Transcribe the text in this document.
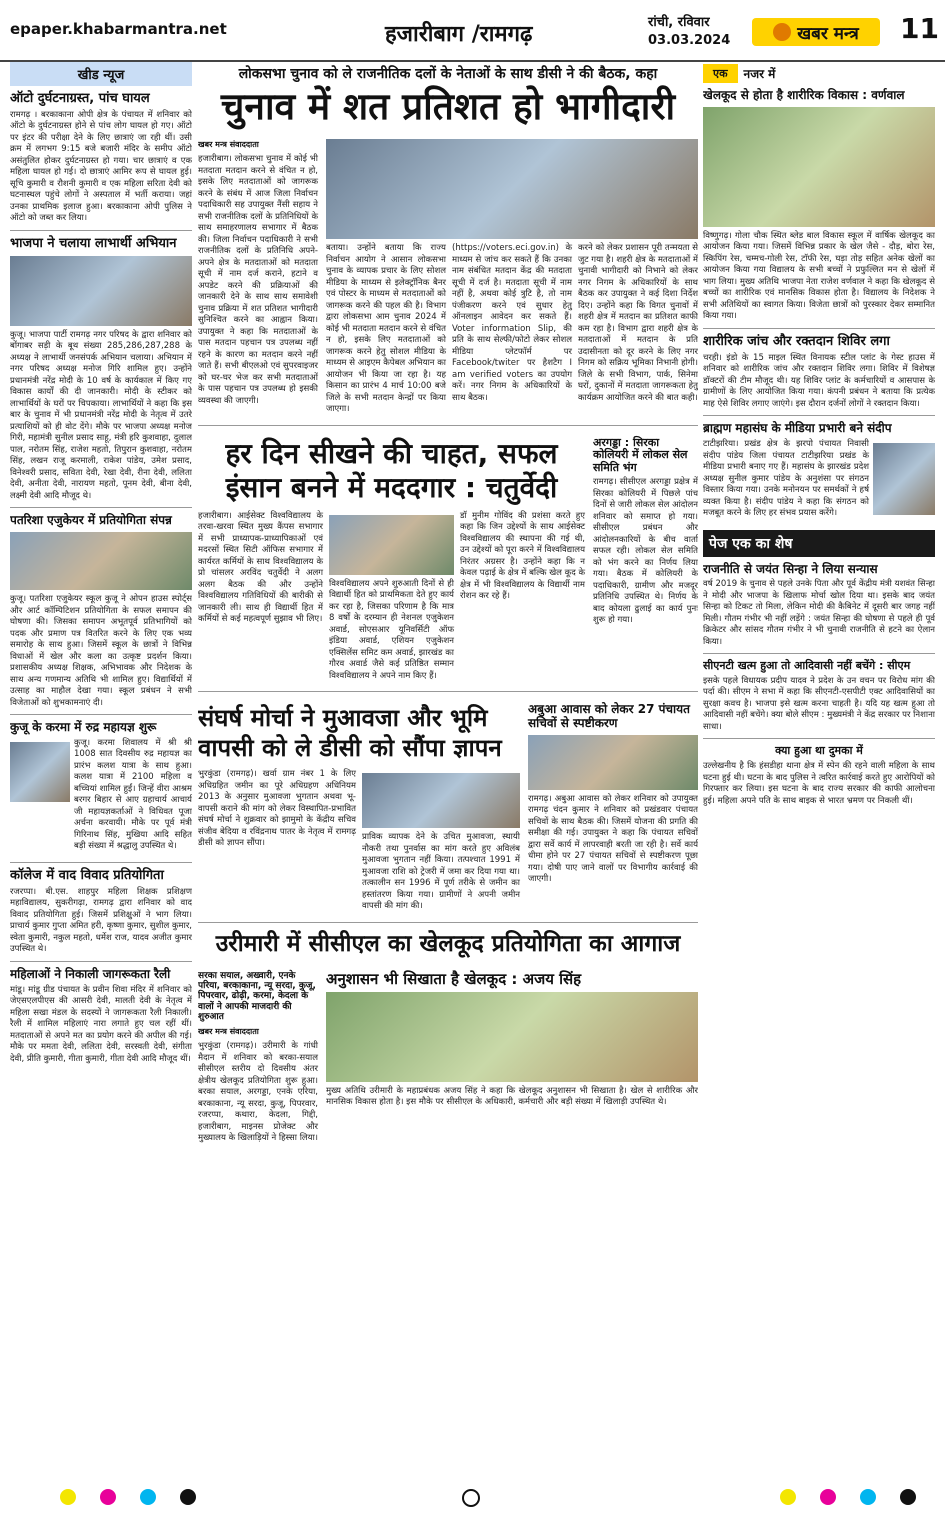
epaper.khabarmantra.net	हजारीबाग /रामगढ़	रांची, रविवार
03.03.2024	खबर मन्त्र 11
खीड न्यूज
ऑटो दुर्घटनाग्रस्त, पांच घायल

रामगढ़ । बरकाकाना ओपी क्षेत्र के पंचायत में शनिवार को ऑटो के दुर्घटनाग्रस्त होने से पांच लोग घायल हो गए। ऑटो पर इंटर की परीक्षा देने के लिए छात्राएं जा रही थीं। उसी क्रम में लगभग 9:15 बजे बजारी मंदिर के समीप ऑटो असंतुलित होकर दुर्घटनाग्रस्त हो गया। चार छात्राएं व एक महिला घायल हो गई। दो छात्राएं आमिर रूप से घायल हुई। सूचि कुमारी व रौशनी कुमारी व एक महिला सरिता देवी को घटनास्थल पहुंचे लोगों ने अस्पताल में भर्ती कराया। जहां उनका प्राथमिक इलाज हुआ। बरकाकाना ओपी पुलिस ने ऑटो को जब्त कर लिया।

भाजपा ने चलाया लाभार्थी अभियान

कुजू। भाजपा पार्टी रामगढ़ नगर परिषद के द्वारा शनिवार को बोंगाबर सड़ी के बूथ संख्या 285,286,287,288 के अध्यक्ष ने लाभार्थी जनसंपर्क अभियान चलाया। अभियान में नगर परिषद अध्यक्ष मनोज गिरि शामिल हुए। उन्होंने प्रधानमंत्री नरेंद्र मोदी के 10 वर्ष के कार्यकाल में किए गए विकास कार्यों की दी जानकारी। मोदी के स्टीकर को लाभार्थियों के घरों पर चिपकाया। लाभार्थियों ने कहा कि इस बार के चुनाव में भी प्रधानमंत्री नरेंद्र मोदी के नेतृत्व में उतरे प्रत्याशियों को ही वोट देंगे। मौके पर भाजपा अध्यक्ष मनोज गिरी, महामंत्री सुनील प्रसाद साहू, मंत्री हरि कुशवाहा, दुलाल पाल, नरोतम सिंह, राजेश महतो, तिपुरान कुशवाहा, नरोतम सिंह, लखन राजू करमाली, राकेश पांडेय, उमेश प्रसाद, विनेश्वरी प्रसाद, सविता देवी, रेखा देवी, रीना देवी, ललिता देवी, अनीता देवी, नारायण महतो, पूनम देवी, बीना देवी, लक्ष्मी देवी आदि मौजूद थे।

पतरिशा एजुकेयर में प्रतियोगिता संपन्न

कुजू। पतरिशा एजुकेयर स्कूल कुजू ने ओपन हाउस स्पोर्ट्स और आर्ट कॉम्पिटिशन प्रतियोगिता के सफल समापन की घोषणा की। जिसका समापन अभूतपूर्व प्रतिभागियों को पदक और प्रमाण पत्र वितरित करने के लिए एक भव्य समारोह के साथ हुआ। जिसमें स्कूल के छात्रों ने विभिन्न विधाओं में खेल और कला का उत्कृष्ट प्रदर्शन किया। प्रशासकीय अध्यक्ष शिक्षक, अभिभावक और निदेशक के साथ अन्य गणमान्य अतिथि भी शामिल हुए। विद्यार्थियों में उत्साह का माहौल देखा गया। स्कूल प्रबंधन ने सभी विजेताओं को शुभकामनाएं दी।

कुजू के करमा में रुद्र महायज्ञ शुरू

कुजू। करमा शिवालय में श्री श्री 1008 सात दिवसीय रुद्र महायज्ञ का प्रारंभ कलश यात्रा के साथ हुआ। कलश यात्रा में 2100 महिला व बच्चियां शामिल हुईं। जिन्हें वीरा आश्रम बरगर बिहार से आए ग्रहाचार्य आचार्य जी महायज्ञकर्ताओं ने विधिवत पूजा अर्चना करवायी। मौके पर पूर्व मंत्री गिरिनाथ सिंह, मुखिया आदि सहित बड़ी संख्या में श्रद्धालु उपस्थित थे।

कॉलेज में वाद विवाद प्रतियोगिता

रजरप्पा। बी.एस. शाहपुर महिला शिक्षक प्रशिक्षण महाविद्यालय, सुकरीगढ़ा, रामगढ़ द्वारा शनिवार को वाद विवाद प्रतियोगिता हुई। जिसमें प्रशिक्षुओं ने भाग लिया। प्राचार्य कुमार गुप्ता अमित हरी, कृष्णा कुमार, सुशील कुमार, स्वेता कुमारी, नकुल महतो, धर्मेश राज, यादव अजीत कुमार उपस्थित थे।

महिलाओं ने निकाली जागरूकता रैली

मांडू। मांडू ग्रीड पंचायत के प्रवीन शिवा मंदिर में शनिवार को जेएसएलपीएस की आसरी देवी, मालती देवी के नेतृत्व में महिला सखा मंडल के सदस्यों ने जागरूकता रैली निकाली। रैली में शामिल महिलाएं नारा लगाते हुए चल रहीं थीं। मतदाताओं से अपने मत का प्रयोग करने की अपील की गई। मौके पर ममता देवी, ललिता देवी, सरस्वती देवी, संगीता देवी, प्रीति कुमारी, गीता कुमारी, गीता देवी आदि मौजूद थीं।

लोकसभा चुनाव को ले राजनीतिक दलों के नेताओं के साथ डीसी ने की बैठक, कहा
चुनाव में शत प्रतिशत हो भागीदारी
खबर मन्त्र संवाददाता

हजारीबाग। लोकसभा चुनाव में कोई भी मतदाता मतदान करने से वंचित न हो, इसके लिए मतदाताओं को जागरूक करने के संबंध में आज जिला निर्वाचन पदाधिकारी सह उपायुक्त नैंसी सहाय ने सभी राजनीतिक दलों के प्रतिनिधियों के साथ समाहरणालय सभागार में बैठक की। जिला निर्वाचन पदाधिकारी ने सभी राजनीतिक दलों के प्रतिनिधि अपने-अपने क्षेत्र के मतदाताओं को मतदाता सूची में नाम दर्ज कराने, हटाने व अपडेट करने की प्रक्रियाओं की जानकारी देने के साथ साथ समावेशी चुनाव प्रक्रिया में शत प्रतिशत भागीदारी सुनिश्चित करने का आह्वान किया। उपायुक्त ने कहा कि मतदाताओं के पास मतदान पहचान पत्र उपलब्ध नहीं रहने के कारण का मतदान करने नहीं जाते हैं। सभी बीएलओ एवं सुपरवाइजर को घर-घर भेज कर सभी मतदाताओं के पास पहचान पत्र उपलब्ध हो इसकी व्यवस्था की जाएगी।

बताया। उन्होंने बताया कि राज्य निर्वाचन आयोग ने आसान लोकसभा चुनाव के व्यापक प्रचार के लिए सोशल मीडिया के माध्यम से इलेक्ट्रॉनिक बैनर एवं पोस्टर के माध्यम से मतदाताओं को जागरूक करने की पहल की है। विभाग द्वारा लोकसभा आम चुनाव 2024 में कोई भी मतदाता मतदान करने से वंचित न हो, इसके लिए मतदाताओं को जागरूक करने हेतु सोशल मीडिया के माध्यम से आइएम कैपेबल अभियान का आयोजन भी किया जा रहा है। यह किसान का प्रारंभ 4 मार्च 10:00 बजे जिले के सभी मतदान केन्द्रों पर किया जाएगा।

(https://voters.eci.gov.in) के माध्यम से जांच कर सकते हैं कि उनका नाम संबंधित मतदान केंद्र की मतदाता सूची में दर्ज है। मतदाता सूची में नाम नहीं है, अथवा कोई त्रुटि है, तो नाम पंजीकरण करने एवं सुधार हेतु ऑनलाइन आवेदन कर सकते हैं। Voter information Slip, की प्रति के साथ सेल्फी/फोटो लेकर सोशल मीडिया प्लेटफॉर्म पर Facebook/twiter पर हैशटैग I am verified voters का उपयोग करें। नगर निगम के अधिकारियों के साथ बैठक।

करने को लेकर प्रशासन पूरी तन्मयता से जुट गया है। शहरी क्षेत्र के मतदाताओं में चुनावी भागीदारी को निभाने को लेकर नगर निगम के अधिकारियों के साथ बैठक कर उपायुक्त ने कई दिशा निर्देश दिए। उन्होंने कहा कि विगत चुनावों में शहरी क्षेत्र में मतदान का प्रतिशत काफी कम रहा है। विभाग द्वारा शहरी क्षेत्र के मतदाताओं में मतदान के प्रति उदासीनता को दूर करने के लिए नगर निगम को सक्रिय भूमिका निभानी होगी। जिले के सभी विभाग, पार्क, सिनेमा घरों, दुकानों में मतदाता जागरूकता हेतु कार्यक्रम आयोजित करने की बात कही।

हर दिन सीखने की चाहत, सफल इंसान बनने में मददगार : चतुर्वेदी

हजारीबाग। आईसेक्ट विश्वविद्यालय के तरवा-खरवा स्थित मुख्य कैंपस सभागार में सभी प्राध्यापक-प्राध्यापिकाओं एवं मदरसों स्थित सिटी ऑफिस सभागार में कार्यरत कर्मियों के साथ विश्वविद्यालय के प्रो चांसलर अरविंद चतुर्वेदी ने अलग अलग बैठक की और उन्होंने विश्वविद्यालय गतिविधियों की बारीकी से जानकारी ली। साथ ही विद्यार्थी हित में कर्मियों से कई महत्वपूर्ण सुझाव भी लिए।

विश्वविद्यालय अपने शुरुआती दिनों से ही विद्यार्थी हित को प्राथमिकता देते हुए कार्य कर रहा है, जिसका परिणाम है कि मात्र 8 वर्षों के दरम्यान ही नेशनल एजुकेशन अवार्ड, सोएसआर यूनिवर्सिटी ऑफ इंडिया अवार्ड, एशियन एजुकेशन एक्सिलेंस समिट कम अवार्ड, झारखंड का गौरव अवार्ड जैसे कई प्रतिष्ठित सम्मान विश्वविद्यालय ने अपने नाम किए हैं।

डॉ मुनीम गोविंद की प्रशंसा करते हुए कहा कि जिन उद्देश्यों के साथ आईसेक्ट विश्वविद्यालय की स्थापना की गई थी, उन उद्देश्यों को पूरा करने में विश्वविद्यालय निरंतर अग्रसर है। उन्होंने कहा कि न केवल पढ़ाई के क्षेत्र में बल्कि खेल कूद के क्षेत्र में भी विश्वविद्यालय के विद्यार्थी नाम रोशन कर रहे हैं।

अरगड्डा : सिरका कोलियरी में लोकल सेल समिति भंग

रामगढ़। सीसीएल अरगड्डा प्रक्षेत्र में सिरका कोलियरी में पिछले पांच दिनों से जारी लोकल सेल आंदोलन शनिवार को समाप्त हो गया। सीसीएल प्रबंधन और आंदोलनकारियों के बीच वार्ता सफल रही। लोकल सेल समिति को भंग करने का निर्णय लिया गया। बैठक में कोलियरी के पदाधिकारी, ग्रामीण और मजदूर प्रतिनिधि उपस्थित थे। निर्णय के बाद कोयला ढुलाई का कार्य पुनः शुरू हो गया।

संघर्ष मोर्चा ने मुआवजा और भूमि वापसी को ले डीसी को सौंपा ज्ञापन

भुरकुंडा (रामगढ़)। खर्वा ग्राम नंबर 1 के लिए अधिग्रहित जमीन का पूरे अधिग्रहण अधिनियम 2013 के अनुसार मुआवजा भुगतान अथवा भू-वापसी कराने की मांग को लेकर विस्थापित-प्रभावित संघर्ष मोर्चा ने शुक्रवार को झामुमो के केंद्रीय सचिव संजीव बेदिया व रविंद्रनाथ पातर के नेतृत्व में रामगढ़ डीसी को ज्ञापन सौंपा।

प्राविक व्यापक देने के उचित मुआवजा, स्थायी नौकरी तथा पुनर्वास का मांग करते हुए अविलंब मुआवजा भुगतान नहीं किया। तत्पश्चात 1991 में मुआवजा राशि को ट्रेजरी में जमा कर दिया गया था। तत्कालीन सन 1996 में पूर्ण तरीके से जमीन का हस्तांतरण किया गया। ग्रामीणों ने अपनी जमीन वापसी की मांग की।

अबुआ आवास को लेकर 27 पंचायत सचिवों से स्पष्टीकरण

रामगढ़। अबुआ आवास को लेकर शनिवार को उपायुक्त रामगढ़ चंदन कुमार ने शनिवार को प्रखंडवार पंचायत सचिवों के साथ बैठक की। जिसमें योजना की प्रगति की समीक्षा की गई। उपायुक्त ने कहा कि पंचायत सचिवों द्वारा सर्वे कार्य में लापरवाही बरती जा रही है। सर्वे कार्य धीमा होने पर 27 पंचायत सचिवों से स्पष्टीकरण पूछा गया। दोषी पाए जाने वालों पर विभागीय कार्रवाई की जाएगी।

उरीमारी में सीसीएल का खेलकूद प्रतियोगिता का आगाज
सरका सयाल, अख्वारी, एनके परिया, बरकाकाना, न्यू सरदा, कुजू, पिपरवार, ढोढ़ी, करमा, केदला के वालों ने आपकी माजदारी की शुरुआत
खबर मन्त्र संवाददाता

भुरकुंडा (रामगढ़)। उरीमारी के गांधी मैदान में शनिवार को बरका-सयाल सीसीएल स्तरीय दो दिवसीय अंतर क्षेत्रीय खेलकूद प्रतियोगिता शुरू हुआ। बरका सयाल, अरगड्डा, एनके एरिया, बरकाकाना, न्यू सरदा, कुजू, पिपरवार, रजरप्पा, कथारा, केदला, गिद्दी, हजारीबाग, माइनस प्रोजेक्ट और मुख्यालय के खिलाड़ियों ने हिस्सा लिया।

अनुशासन भी सिखाता है खेलकूद : अजय सिंह

मुख्य अतिथि उरीमारी के महाप्रबंधक अजय सिंह ने कहा कि खेलकूद अनुशासन भी सिखाता है। खेल से शारीरिक और मानसिक विकास होता है। इस मौके पर सीसीएल के अधिकारी, कर्मचारी और बड़ी संख्या में खिलाड़ी उपस्थित थे।

एक	नजर में
खेलकूद से होता है शारीरिक विकास : वर्णवाल

विष्णुगढ़। गोला चौक स्थित ब्लेड बाल विकास स्कूल में वार्षिक खेलकूद का आयोजन किया गया। जिसमें विभिन्न प्रकार के खेल जैसे - दौड़, बोरा रेस, स्किपिंग रेस, चम्मच-गोली रेस, टॉफी रेस, घड़ा तोड़ सहित अनेक खेलों का आयोजन किया गया विद्यालय के सभी बच्चों ने प्रफुल्लित मन से खेलों में भाग लिया। मुख्य अतिथि भाजपा नेता राजेश वर्णवाल ने कहा कि खेलकूद से बच्चों का शारीरिक एवं मानसिक विकास होता है। विद्यालय के निदेशक ने सभी अतिथियों का स्वागत किया। विजेता छात्रों को पुरस्कार देकर सम्मानित किया गया।

शारीरिक जांच और रक्तदान शिविर लगा

चरही। इंडो के 15 माइल स्थित विनायक स्टील प्लांट के गेस्ट हाउस में शनिवार को शारीरिक जांच और रक्तदान शिविर लगा। शिविर में विशेषज्ञ डॉक्टरों की टीम मौजूद थी। यह शिविर प्लांट के कर्मचारियों व आसपास के ग्रामीणों के लिए आयोजित किया गया। कंपनी प्रबंधन ने बताया कि प्रत्येक माह ऐसे शिविर लगाए जाएंगे। इस दौरान दर्जनों लोगों ने रक्तदान किया।

ब्राह्मण महासंघ के मीडिया प्रभारी बने संदीप

टाटीझरिया। प्रखंड क्षेत्र के झरपो पंचायत निवासी संदीप पांडेय जिला पंचायत टाटीझरिया प्रखंड के मीडिया प्रभारी बनाए गए हैं। महासंघ के झारखंड प्रदेश अध्यक्ष सुनील कुमार पांडेय के अनुशंसा पर संगठन विस्तार किया गया। उनके मनोनयन पर समर्थकों ने हर्ष व्यक्त किया है। संदीप पांडेय ने कहा कि संगठन को मजबूत करने के लिए हर संभव प्रयास करेंगे।

पेज एक का शेष
राजनीति से जयंत सिन्हा ने लिया सन्यास

वर्ष 2019 के चुनाव से पहले उनके पिता और पूर्व केंद्रीय मंत्री यशवंत सिन्हा ने मोदी और भाजपा के खिलाफ मोर्चा खोल दिया था। इसके बाद जयंत सिन्हा को टिकट तो मिला, लेकिन मोदी की कैबिनेट में दूसरी बार जगह नहीं मिली। गौतम गंभीर भी नहीं लड़ेंगे : जयंत सिन्हा की घोषणा से पहले ही पूर्व क्रिकेटर और सांसद गौतम गंभीर ने भी चुनावी राजनीति से हटने का ऐलान किया।

सीएनटी खत्म हुआ तो आदिवासी नहीं बचेंगे : सीएम

इसके पहले विधायक प्रदीप यादव ने प्रदेश के उन वचन पर विरोध मांग की पर्दा की। सीएम ने सभा में कहा कि सीएनटी-एसपीटी एक्ट आदिवासियों का सुरक्षा कवच है। भाजपा इसे खत्म करना चाहती है। यदि यह खत्म हुआ तो आदिवासी नहीं बचेंगे। क्या बोले सीएम : मुख्यमंत्री ने केंद्र सरकार पर निशाना साधा।

क्या हुआ था दुमका में

उल्लेखनीय है कि हंसडीहा थाना क्षेत्र में स्पेन की रहने वाली महिला के साथ घटना हुई थी। घटना के बाद पुलिस ने त्वरित कार्रवाई करते हुए आरोपियों को गिरफ्तार कर लिया। इस घटना के बाद राज्य सरकार की काफी आलोचना हुई। महिला अपने पति के साथ बाइक से भारत भ्रमण पर निकली थीं।
